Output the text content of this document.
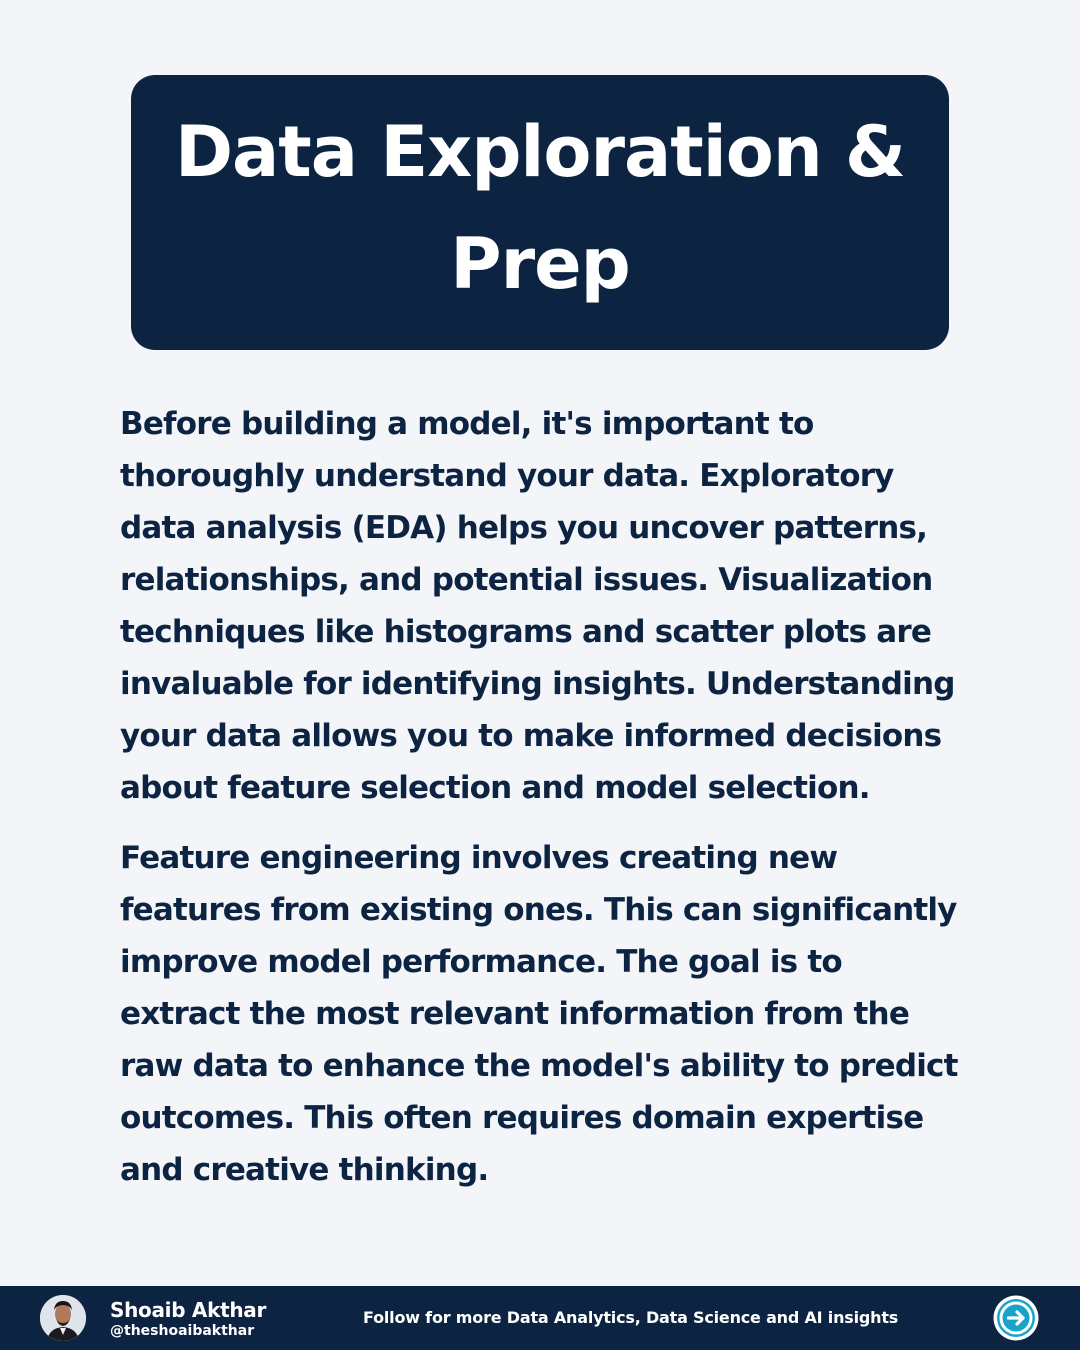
Data Exploration & Prep

Before building a model, it's important to thoroughly understand your data. Exploratory data analysis (EDA) helps you uncover patterns, relationships, and potential issues. Visualization techniques like histograms and scatter plots are invaluable for identifying insights. Understanding your data allows you to make informed decisions about feature selection and model selection.

Feature engineering involves creating new features from existing ones. This can significantly improve model performance. The goal is to extract the most relevant information from the raw data to enhance the model's ability to predict outcomes. This often requires domain expertise and creative thinking.

Shoaib Akthar
@theshoaibakthar
Follow for more Data Analytics, Data Science and AI insights
